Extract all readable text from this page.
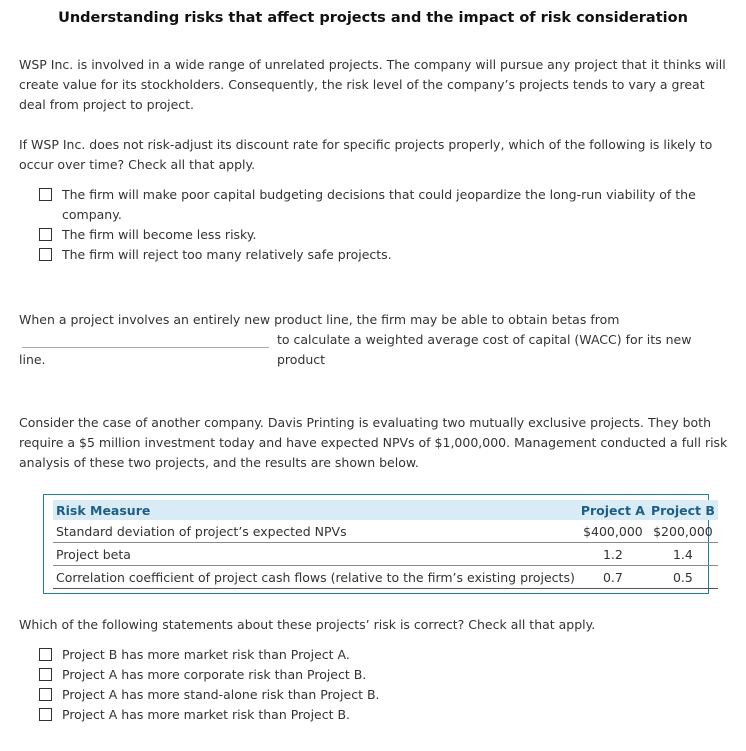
Understanding risks that affect projects and the impact of risk consideration
WSP Inc. is involved in a wide range of unrelated projects. The company will pursue any project that it thinks will create value for its stockholders. Consequently, the risk level of the company’s projects tends to vary a great deal from project to project.
If WSP Inc. does not risk-adjust its discount rate for specific projects properly, which of the following is likely to occur over time? Check all that apply.
The firm will make poor capital budgeting decisions that could jeopardize the long-run viability of the company.
The firm will become less risky.
The firm will reject too many relatively safe projects.
When a project involves an entirely new product line, the firm may be able to obtain betas from
to calculate a weighted average cost of capital (WACC) for its new product
line.
Consider the case of another company. Davis Printing is evaluating two mutually exclusive projects. They both require a $5 million investment today and have expected NPVs of $1,000,000. Management conducted a full risk analysis of these two projects, and the results are shown below.
Risk Measure	Project A	Project B
Standard deviation of project’s expected NPVs	$400,000	$200,000
Project beta	1.2	1.4
Correlation coefficient of project cash flows (relative to the firm’s existing projects)	0.7	0.5
Which of the following statements about these projects’ risk is correct? Check all that apply.
Project B has more market risk than Project A.
Project A has more corporate risk than Project B.
Project A has more stand-alone risk than Project B.
Project A has more market risk than Project B.
